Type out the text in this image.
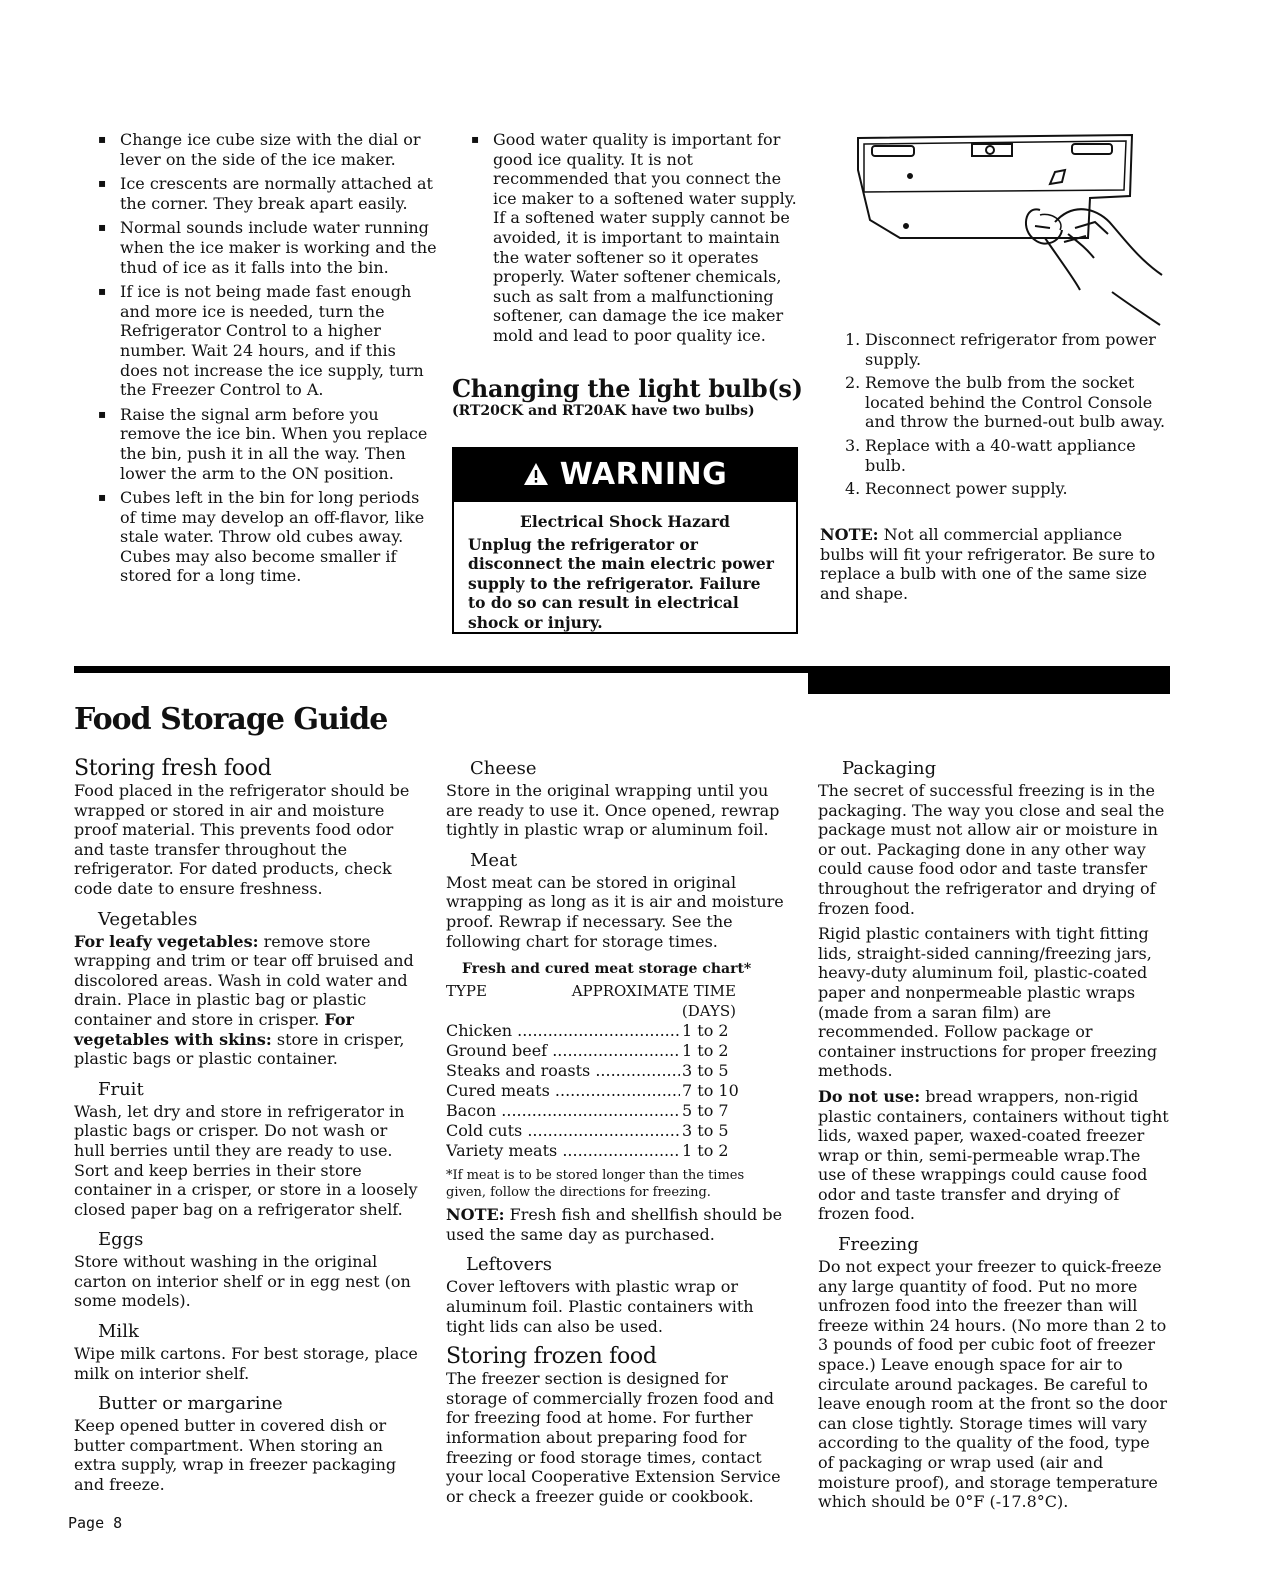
▪ Change ice cube size with the dial or lever on the side of the ice maker.
▪ Ice crescents are normally attached at the corner. They break apart easily.
▪ Normal sounds include water running when the ice maker is working and the thud of ice as it falls into the bin.
▪ If ice is not being made fast enough and more ice is needed, turn the Refrigerator Control to a higher number. Wait 24 hours, and if this does not increase the ice supply, turn the Freezer Control to A.
▪ Raise the signal arm before you remove the ice bin. When you replace the bin, push it in all the way. Then lower the arm to the ON position.
▪ Cubes left in the bin for long periods of time may develop an off-flavor, like stale water. Throw old cubes away. Cubes may also become smaller if stored for a long time.
▪ Good water quality is important for good ice quality. It is not recommended that you connect the ice maker to a softened water supply. If a softened water supply cannot be avoided, it is important to maintain the water softener so it operates properly. Water softener chemicals, such as salt from a malfunctioning softener, can damage the ice maker mold and lead to poor quality ice.
Changing the light bulb(s)
(RT20CK and RT20AK have two bulbs)
WARNING
Electrical Shock Hazard
Unplug the refrigerator or disconnect the main electric power supply to the refrigerator. Failure to do so can result in electrical shock or injury.
1. Disconnect refrigerator from power supply.
2. Remove the bulb from the socket located behind the Control Console and throw the burned-out bulb away.
3. Replace with a 40-watt appliance bulb.
4. Reconnect power supply.

NOTE: Not all commercial appliance bulbs will fit your refrigerator. Be sure to replace a bulb with one of the same size and shape.

Food Storage Guide
Storing fresh food

Food placed in the refrigerator should be wrapped or stored in air and moisture proof material. This prevents food odor and taste transfer throughout the refrigerator. For dated products, check code date to ensure freshness.

Vegetables

For leafy vegetables: remove store wrapping and trim or tear off bruised and discolored areas. Wash in cold water and drain. Place in plastic bag or plastic container and store in crisper. For vegetables with skins: store in crisper, plastic bags or plastic container.

Fruit

Wash, let dry and store in refrigerator in plastic bags or crisper. Do not wash or hull berries until they are ready to use. Sort and keep berries in their store container in a crisper, or store in a loosely closed paper bag on a refrigerator shelf.

Eggs

Store without washing in the original carton on interior shelf or in egg nest (on some models).

Milk

Wipe milk cartons. For best storage, place milk on interior shelf.

Butter or margarine

Keep opened butter in covered dish or butter compartment. When storing an extra supply, wrap in freezer packaging and freeze.

Page 8
Cheese

Store in the original wrapping until you are ready to use it. Once opened, rewrap tightly in plastic wrap or aluminum foil.

Meat

Most meat can be stored in original wrapping as long as it is air and moisture proof. Rewrap if necessary. See the following chart for storage times.

Fresh and cured meat storage chart*
TYPE	APPROXIMATE TIME
(DAYS)
Chicken .....	1 to 2
Ground beef .....	1 to 2
Steaks and roasts .....	3 to 5
Cured meats .....	7 to 10
Bacon .....	5 to 7
Cold cuts .....	3 to 5
Variety meats .....	1 to 2

*If meat is to be stored longer than the times given, follow the directions for freezing.

NOTE: Fresh fish and shellfish should be used the same day as purchased.

Leftovers

Cover leftovers with plastic wrap or aluminum foil. Plastic containers with tight lids can also be used.

Storing frozen food

The freezer section is designed for storage of commercially frozen food and for freezing food at home. For further information about preparing food for freezing or food storage times, contact your local Cooperative Extension Service or check a freezer guide or cookbook.

Packaging

The secret of successful freezing is in the packaging. The way you close and seal the package must not allow air or moisture in or out. Packaging done in any other way could cause food odor and taste transfer throughout the refrigerator and drying of frozen food.

Rigid plastic containers with tight fitting lids, straight-sided canning/freezing jars, heavy-duty aluminum foil, plastic-coated paper and nonpermeable plastic wraps (made from a saran film) are recommended. Follow package or container instructions for proper freezing methods.

Do not use: bread wrappers, non-rigid plastic containers, containers without tight lids, waxed paper, waxed-coated freezer wrap or thin, semi-permeable wrap.The use of these wrappings could cause food odor and taste transfer and drying of frozen food.

Freezing

Do not expect your freezer to quick-freeze any large quantity of food. Put no more unfrozen food into the freezer than will freeze within 24 hours. (No more than 2 to 3 pounds of food per cubic foot of freezer space.) Leave enough space for air to circulate around packages. Be careful to leave enough room at the front so the door can close tightly. Storage times will vary according to the quality of the food, type of packaging or wrap used (air and moisture proof), and storage temperature which should be 0°F (-17.8°C).
